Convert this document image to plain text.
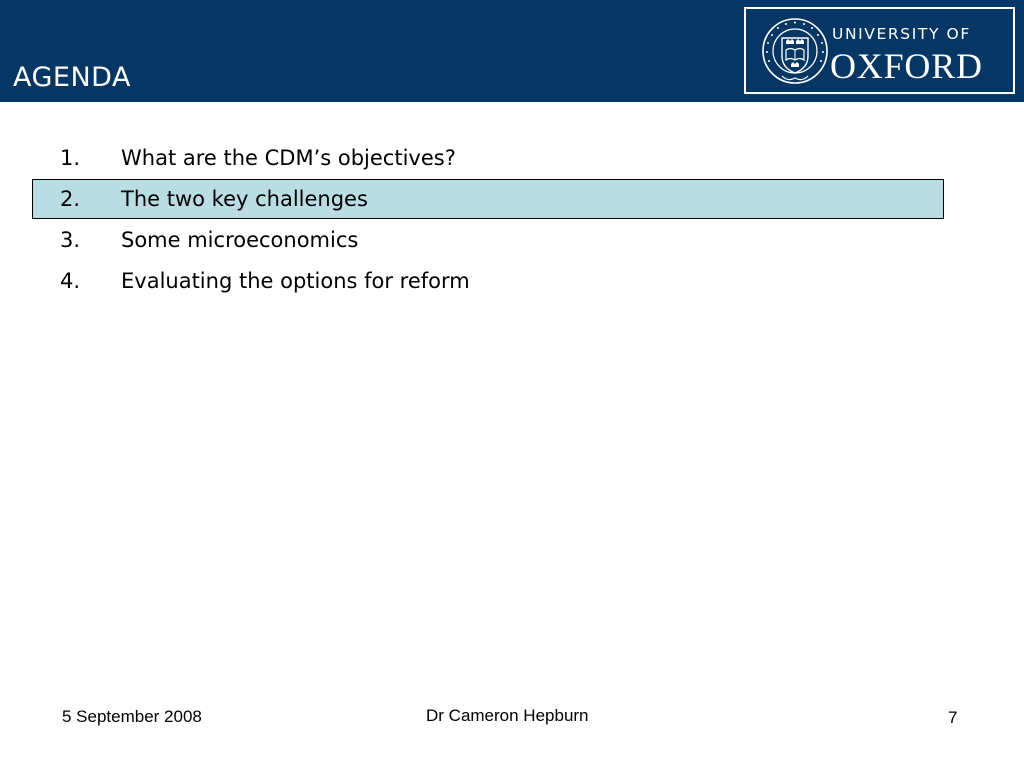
AGENDA
UNIVERSITY OF
OXFORD
1. What are the CDM’s objectives?
2. The two key challenges
3. Some microeconomics
4. Evaluating the options for reform
5 September 2008	Dr Cameron Hepburn	7
